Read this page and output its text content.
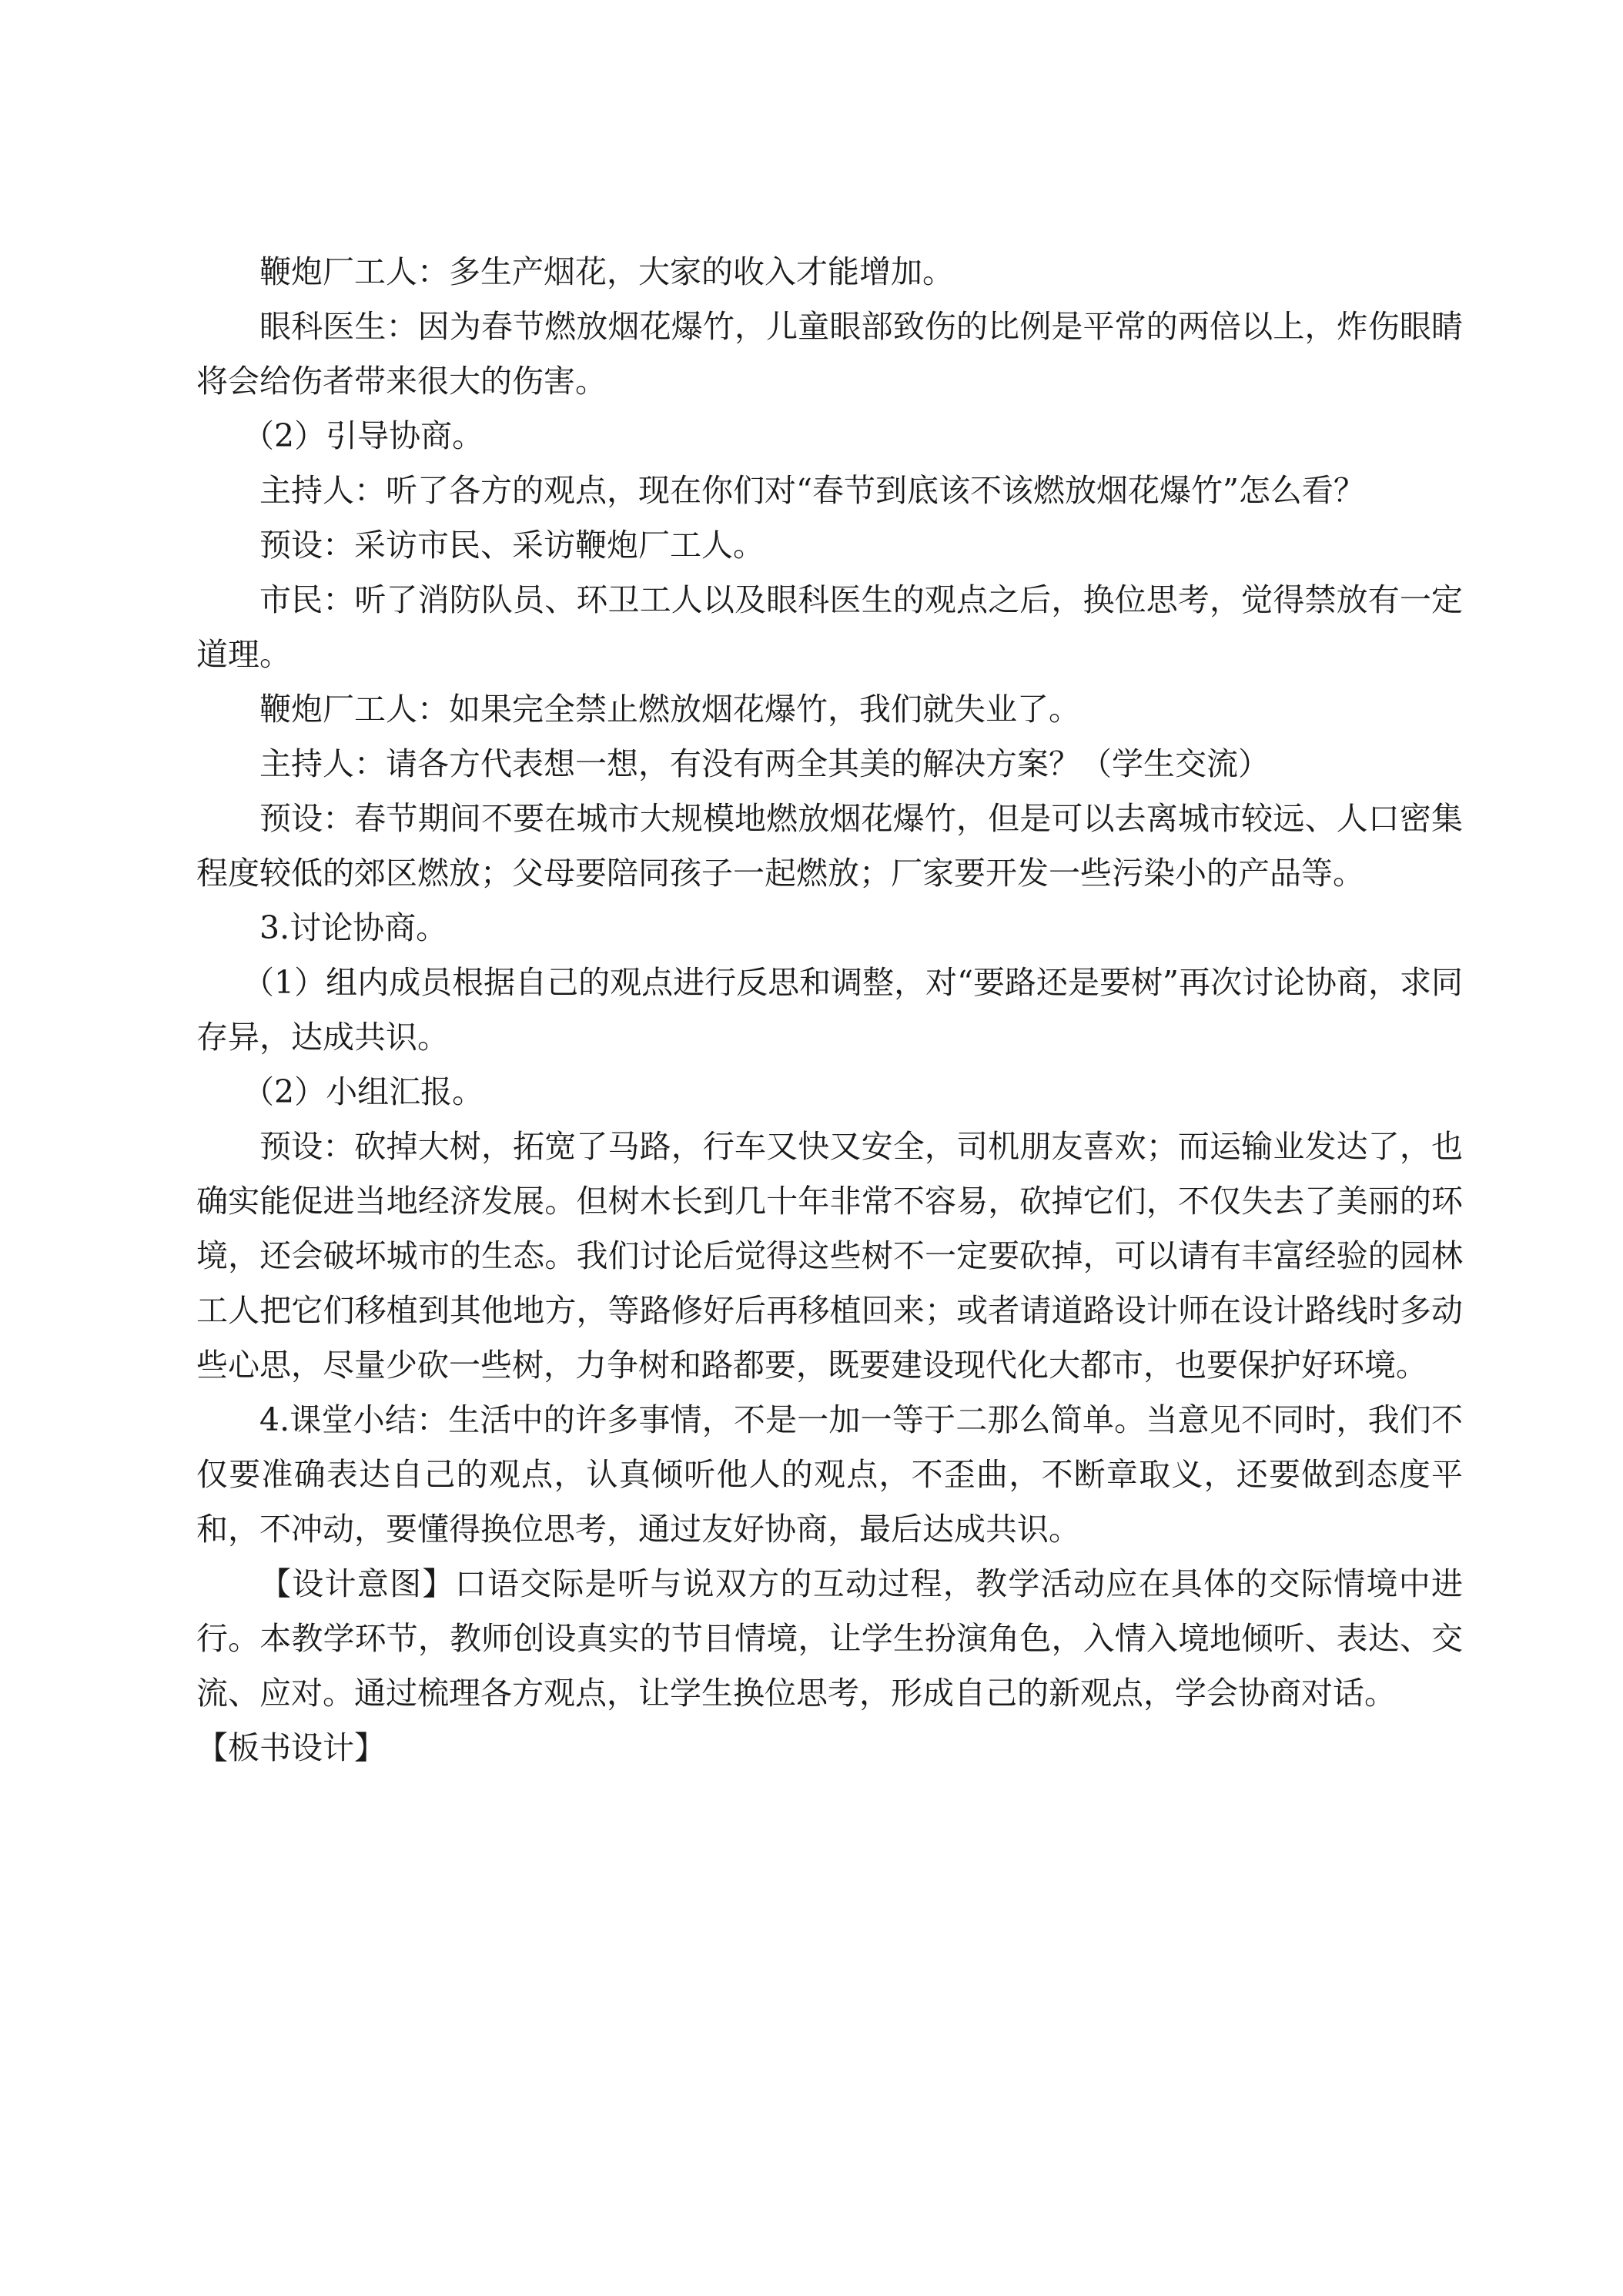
鞭炮厂工人：多生产烟花，大家的收入才能增加。

眼科医生：因为春节燃放烟花爆竹，儿童眼部致伤的比例是平常的两倍以上，炸伤眼睛将会给伤者带来很大的伤害。

（2）引导协商。

主持人：听了各方的观点，现在你们对“春节到底该不该燃放烟花爆竹”怎么看？

预设：采访市民、采访鞭炮厂工人。

市民：听了消防队员、环卫工人以及眼科医生的观点之后，换位思考，觉得禁放有一定道理。

鞭炮厂工人：如果完全禁止燃放烟花爆竹，我们就失业了。

主持人：请各方代表想一想，有没有两全其美的解决方案？（学生交流）

预设：春节期间不要在城市大规模地燃放烟花爆竹，但是可以去离城市较远、人口密集程度较低的郊区燃放；父母要陪同孩子一起燃放；厂家要开发一些污染小的产品等。

3.讨论协商。

（1）组内成员根据自己的观点进行反思和调整，对“要路还是要树”再次讨论协商，求同存异，达成共识。

（2）小组汇报。

预设：砍掉大树，拓宽了马路，行车又快又安全，司机朋友喜欢；而运输业发达了，也确实能促进当地经济发展。但树木长到几十年非常不容易，砍掉它们，不仅失去了美丽的环境，还会破坏城市的生态。我们讨论后觉得这些树不一定要砍掉，可以请有丰富经验的园林工人把它们移植到其他地方，等路修好后再移植回来；或者请道路设计师在设计路线时多动些心思，尽量少砍一些树，力争树和路都要，既要建设现代化大都市，也要保护好环境。

4.课堂小结：生活中的许多事情，不是一加一等于二那么简单。当意见不同时，我们不仅要准确表达自己的观点，认真倾听他人的观点，不歪曲，不断章取义，还要做到态度平和，不冲动，要懂得换位思考，通过友好协商，最后达成共识。

【设计意图】口语交际是听与说双方的互动过程，教学活动应在具体的交际情境中进行。本教学环节，教师创设真实的节目情境，让学生扮演角色，入情入境地倾听、表达、交流、应对。通过梳理各方观点，让学生换位思考，形成自己的新观点，学会协商对话。

【板书设计】
